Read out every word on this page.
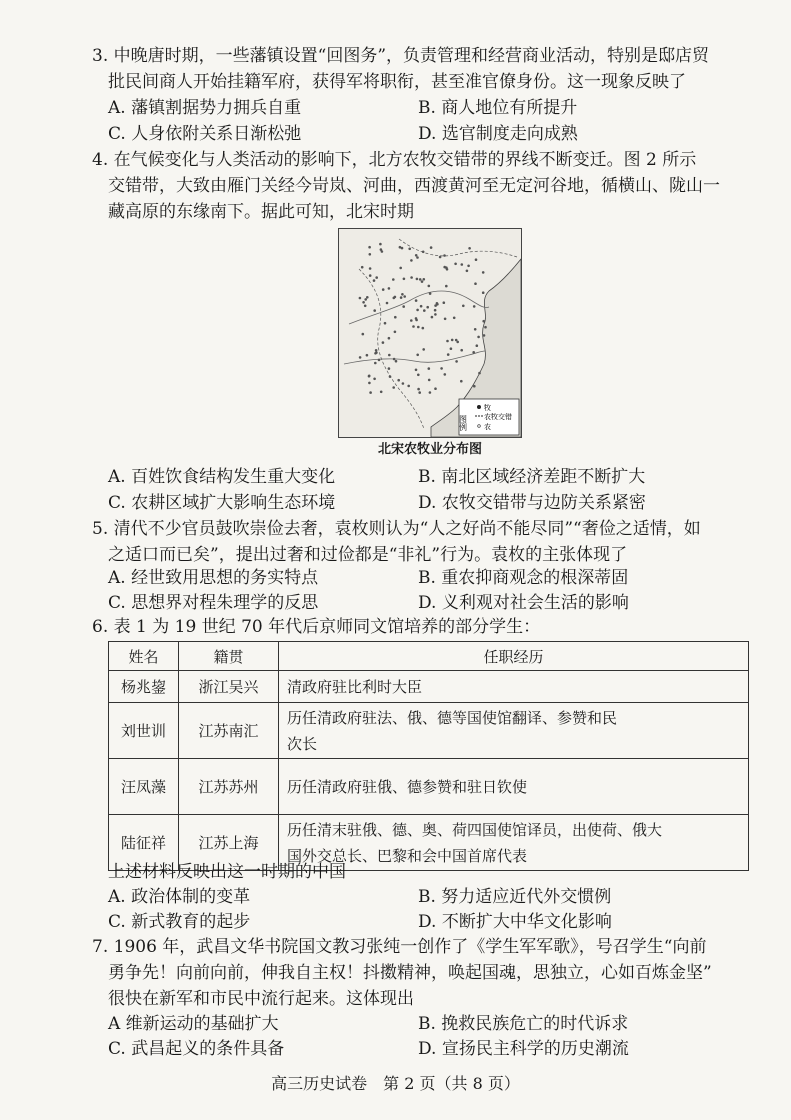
3. 中晚唐时期，一些藩镇设置“回图务”，负责管理和经营商业活动，特别是邸店贸
批民间商人开始挂籍军府，获得军将职衔，甚至准官僚身份。这一现象反映了
A. 藩镇割据势力拥兵自重	B. 商人地位有所提升
C. 人身依附关系日渐松弛	D. 选官制度走向成熟
4. 在气候变化与人类活动的影响下，北方农牧交错带的界线不断变迁。图 2 所示
交错带，大致由雁门关经今岢岚、河曲，西渡黄河至无定河谷地，循横山、陇山一
藏高原的东缘南下。据此可知，北宋时期
图例
牧
农牧交错
农
北宋农牧业分布图
A. 百姓饮食结构发生重大变化	B. 南北区域经济差距不断扩大
C. 农耕区域扩大影响生态环境	D. 农牧交错带与边防关系紧密
5. 清代不少官员鼓吹崇俭去奢，袁枚则认为“人之好尚不能尽同”“奢俭之适情，如
之适口而已矣”，提出过奢和过俭都是“非礼”行为。袁枚的主张体现了
A. 经世致用思想的务实特点	B. 重农抑商观念的根深蒂固
C. 思想界对程朱理学的反思	D. 义利观对社会生活的影响
6. 表 1 为 19 世纪 70 年代后京师同文馆培养的部分学生：
姓名	籍贯	任职经历
杨兆鋆	浙江吴兴	清政府驻比利时大臣
刘世训	江苏南汇	历任清政府驻法、俄、德等国使馆翻译、参赞和民
次长

汪凤藻	江苏苏州	历任清政府驻俄、德参赞和驻日钦使
陆征祥	江苏上海	历任清末驻俄、德、奥、荷四国使馆译员，出使荷、俄大
国外交总长、巴黎和会中国首席代表
上述材料反映出这一时期的中国
A. 政治体制的变革	B. 努力适应近代外交惯例
C. 新式教育的起步	D. 不断扩大中华文化影响
7. 1906 年，武昌文华书院国文教习张纯一创作了《学生军军歌》，号召学生“向前
勇争先！向前向前，伸我自主权！抖擞精神，唤起国魂，思独立，心如百炼金坚”
很快在新军和市民中流行起来。这体现出
A 维新运动的基础扩大	B. 挽救民族危亡的时代诉求
C. 武昌起义的条件具备	D. 宣扬民主科学的历史潮流
高三历史试卷　第 2 页（共 8 页）
